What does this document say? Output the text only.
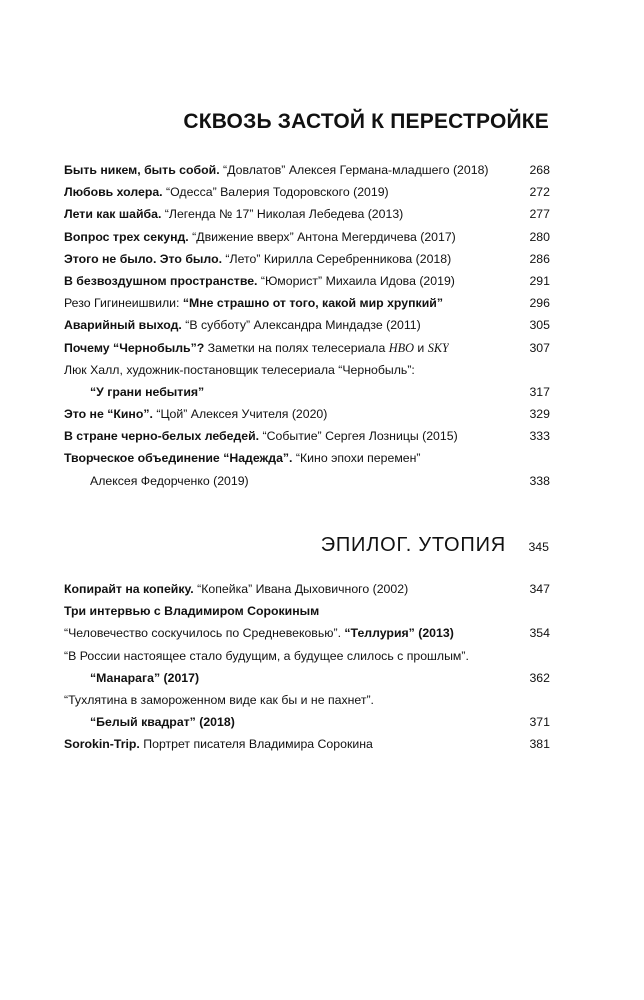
СКВОЗЬ ЗАСТОЙ К ПЕРЕСТРОЙКЕ
Быть никем, быть собой. “Довлатов” Алексея Германа-младшего (2018)	268
Любовь холера. “Одесса” Валерия Тодоровского (2019)	272
Лети как шайба. “Легенда № 17” Николая Лебедева (2013)	277
Вопрос трех секунд. “Движение вверх” Антона Мегердичева (2017)	280
Этого не было. Это было. “Лето” Кирилла Серебренникова (2018)	286
В безвоздушном пространстве. “Юморист” Михаила Идова (2019)	291
Резо Гигинеишвили: “Мне страшно от того, какой мир хрупкий”	296
Аварийный выход. “В субботу” Александра Миндадзе (2011)	305
Почему “Чернобыль”? Заметки на полях телесериала HBO и SKY	307
Люк Халл, художник-постановщик телесериала “Чернобыль”:
“У грани небытия”	317
Это не “Кино”. “Цой” Алексея Учителя (2020)	329
В стране черно-белых лебедей. “Событие” Сергея Лозницы (2015)	333
Творческое объединение “Надежда”. “Кино эпохи перемен”
Алексея Федорченко (2019)	338
ЭПИЛОГ. УТОПИЯ	345
Копирайт на копейку. “Копейка” Ивана Дыховичного (2002)	347
Три интервью с Владимиром Сорокиным
“Человечество соскучилось по Средневековью”. “Теллурия” (2013)	354
“В России настоящее стало будущим, а будущее слилось с прошлым”.
“Манарага” (2017)	362
“Тухлятина в замороженном виде как бы и не пахнет”.
“Белый квадрат” (2018)	371
Sorokin-Trip. Портрет писателя Владимира Сорокина	381
